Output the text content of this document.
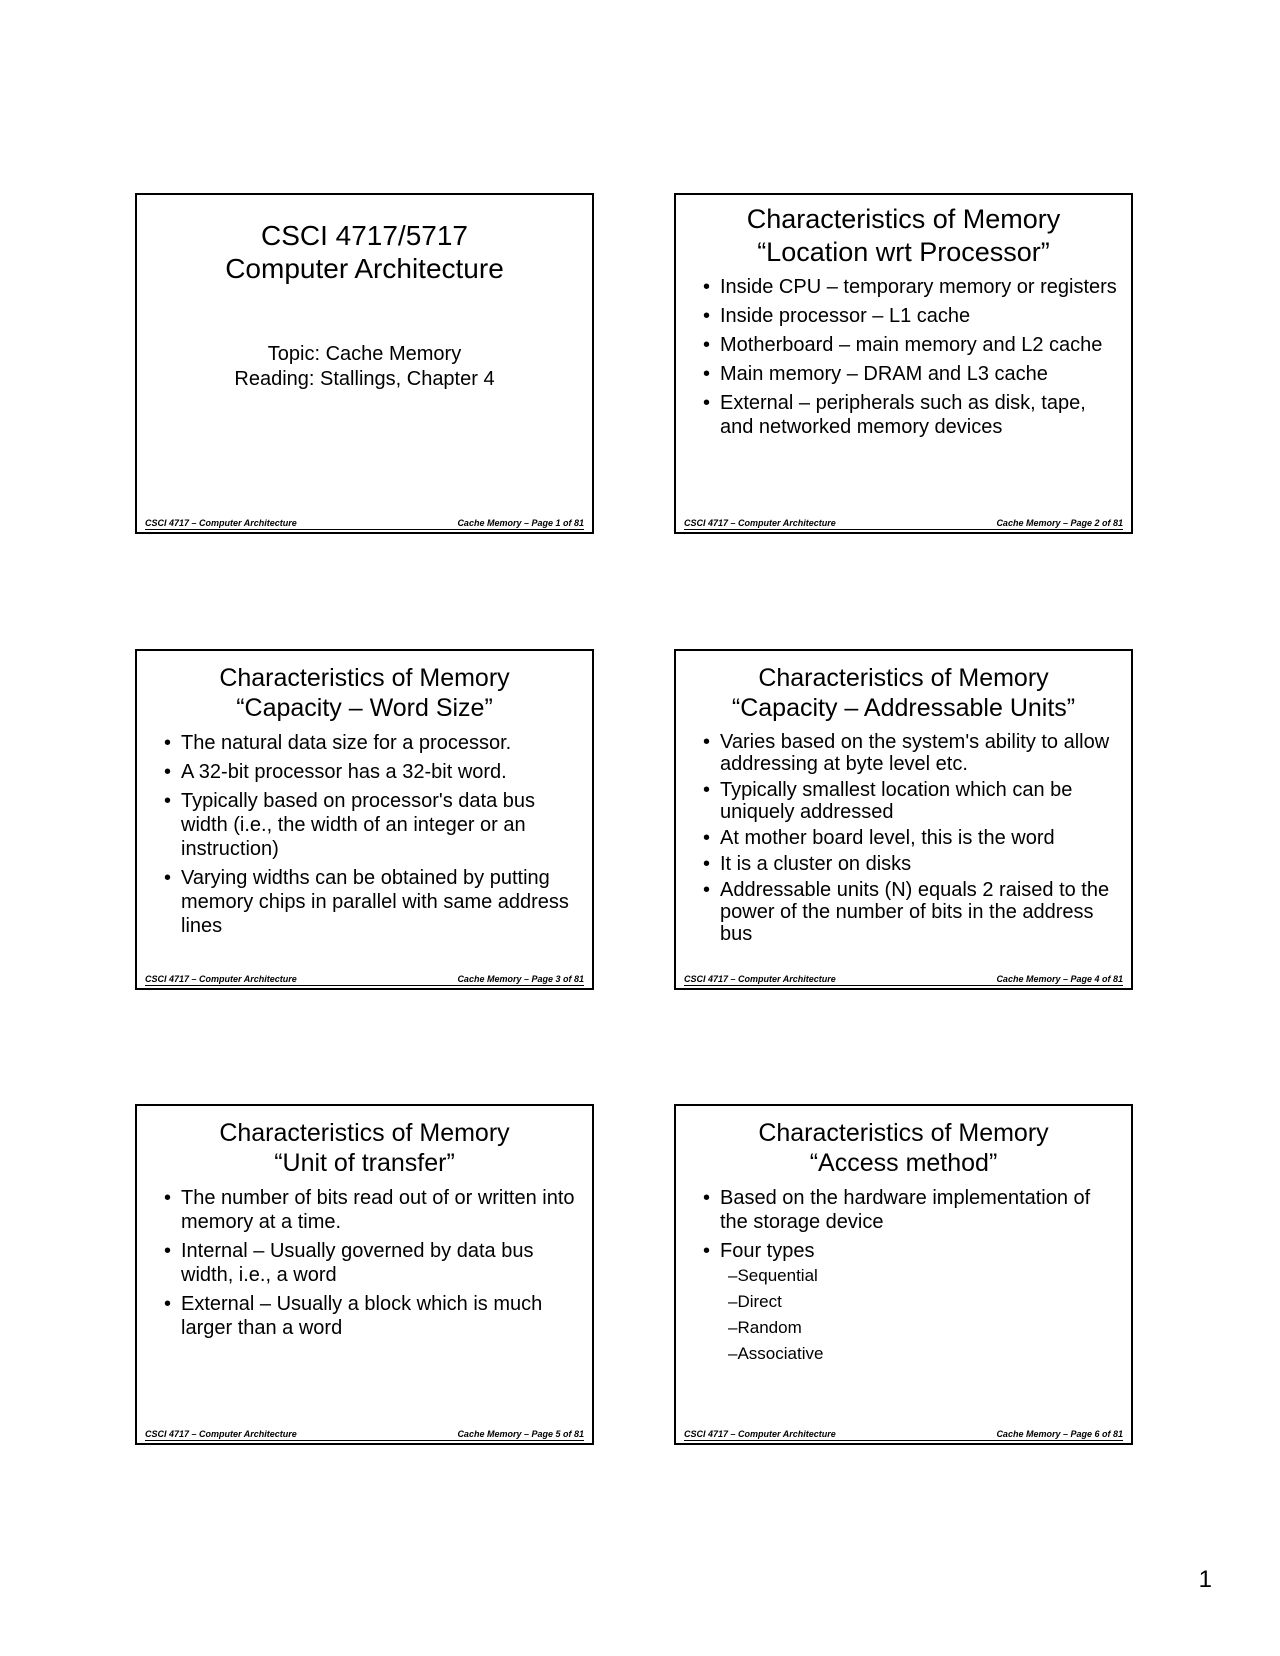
CSCI 4717/5717
Computer Architecture
Topic: Cache Memory
Reading: Stallings, Chapter 4
CSCI 4717 – Computer Architecture	Cache Memory – Page 1 of 81
Characteristics of Memory
“Location wrt Processor”
• Inside CPU – temporary memory or registers
• Inside processor – L1 cache
• Motherboard – main memory and L2 cache
• Main memory – DRAM and L3 cache
• External – peripherals such as disk, tape, and networked memory devices
CSCI 4717 – Computer Architecture	Cache Memory – Page 2 of 81
Characteristics of Memory
“Capacity – Word Size”
• The natural data size for a processor.
• A 32-bit processor has a 32-bit word.
• Typically based on processor's data bus width (i.e., the width of an integer or an instruction)
• Varying widths can be obtained by putting memory chips in parallel with same address lines
CSCI 4717 – Computer Architecture	Cache Memory – Page 3 of 81
Characteristics of Memory
“Capacity – Addressable Units”
• Varies based on the system's ability to allow addressing at byte level etc.
• Typically smallest location which can be uniquely addressed
• At mother board level, this is the word
• It is a cluster on disks
• Addressable units (N) equals 2 raised to the power of the number of bits in the address bus
CSCI 4717 – Computer Architecture	Cache Memory – Page 4 of 81
Characteristics of Memory
“Unit of transfer”
• The number of bits read out of or written into memory at a time.
• Internal – Usually governed by data bus width, i.e., a word
• External – Usually a block which is much larger than a word
CSCI 4717 – Computer Architecture	Cache Memory – Page 5 of 81
Characteristics of Memory
“Access method”
• Based on the hardware implementation of the storage device
• Four types
– Sequential
– Direct
– Random
– Associative
CSCI 4717 – Computer Architecture	Cache Memory – Page 6 of 81
1
